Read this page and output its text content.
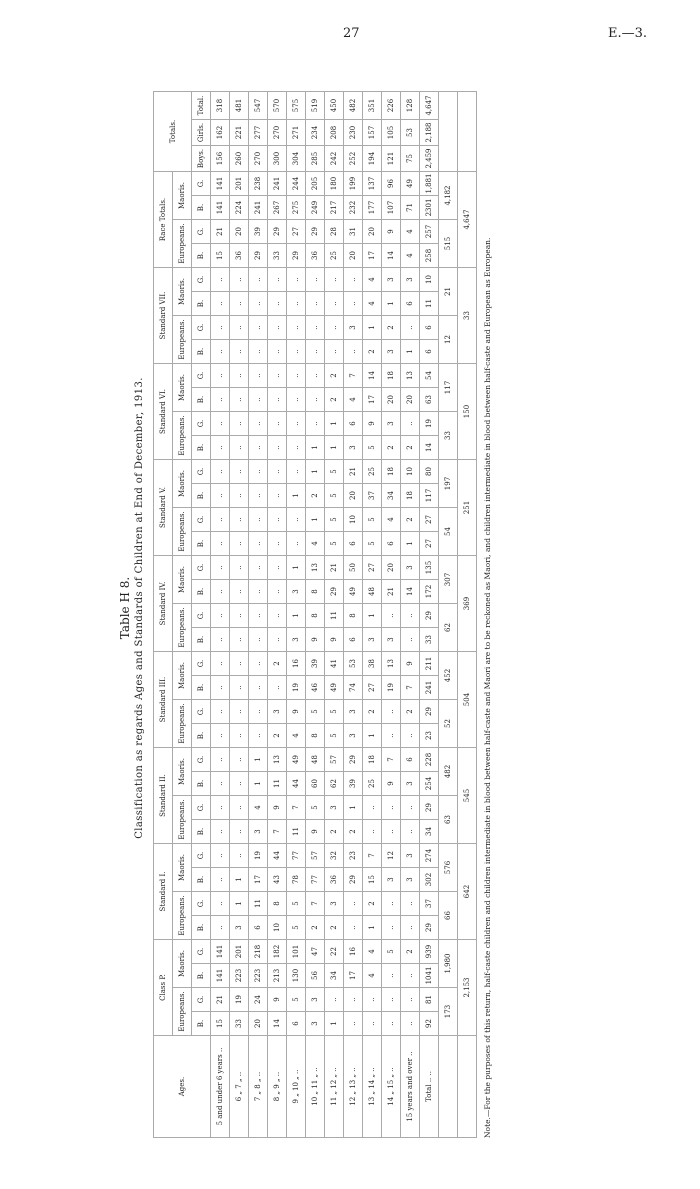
27	E.—3.
Table H 8. Classification as regards Ages and Standards of Children at End of December, 1913.
Ages.	Class P.				Standard I.				Standard II.				Standard III.				Standard IV.				Standard V.				Standard VI.				Standard VII.				Race Totals.				Totals.		
	Europeans.		Maoris.		Europeans.		Maoris.		Europeans.		Maoris.		Europeans.		Maoris.		Europeans.		Maoris.		Europeans.		Maoris.		Europeans.		Maoris.		Europeans.		Maoris.		Europeans.		Maoris.				
	B.	G.	B.	G.	B.	G.	B.	G.	B.	G.	B.	G.	B.	G.	B.	G.	B.	G.	B.	G.	B.	G.	B.	G.	B.	G.	B.	G.	B.	G.	B.	G.	B.	G.	B.	G.	Boys.	Girls.	Total.
5 and under 6 years ..	15	21	141	141	..	..	..	..	..	..	..	..	..	..	..	..	..	..	..	..	..	..	..	..	..	..	..	..	..	..	..	..	15	21	141	141	156	162	318
6 „ 7 „ ..	33	19	223	201	3	1	1	..	..	..	..	..	..	..	..	..	..	..	..	..	..	..	..	..	..	..	..	..	..	..	..	..	36	20	224	201	260	221	481
7 „ 8 „ ..	20	24	223	218	6	11	17	19	3	4	1	1	..	..	..	..	..	..	..	..	..	..	..	..	..	..	..	..	..	..	..	..	29	39	241	238	270	277	547
8 „ 9 „ ..	14	9	213	182	10	8	43	44	7	9	11	13	2	3	..	2	..	..	..	..	..	..	..	..	..	..	..	..	..	..	..	..	33	29	267	241	300	270	570
9 „ 10 „ ..	6	5	130	101	5	5	78	77	11	7	44	49	4	9	19	16	3	1	3	1	..	..	1	..	..	..	..	..	..	..	..	..	29	27	275	244	304	271	575
10 „ 11 „ ..	3	3	56	47	2	7	77	57	9	5	60	48	8	5	46	39	9	8	8	13	4	1	2	1	1	..	..	..	..	..	..	..	36	29	249	205	285	234	519
11 „ 12 „ ..	1	..	34	22	2	3	36	32	2	3	62	57	5	5	49	41	9	11	29	21	5	5	5	5	1	1	2	2	..	..	..	..	25	28	217	180	242	208	450
12 „ 13 „ ..	..	..	17	16	..	..	29	23	2	1	39	29	3	3	74	53	6	8	49	50	6	10	20	21	3	6	4	7	..	3	..	..	20	31	232	199	252	230	482
13 „ 14 „ ..	..	..	4	4	1	2	15	7	..	..	25	18	1	2	27	38	3	1	48	27	5	5	37	25	5	9	17	14	2	1	4	4	17	20	177	137	194	157	351
14 „ 15 „ ..	..	..	..	5	..	..	3	12	..	..	9	7	..	..	19	13	3	..	21	20	6	4	34	18	2	3	20	18	3	2	1	3	14	9	107	96	121	105	226
15 years and over ..	..	..	..	2	..	..	3	3	..	..	3	6	..	2	7	9	..	..	14	3	1	2	18	10	2	..	20	13	1	..	6	3	4	4	71	49	75	53	128
Total .. ..	92	81	1041	939	29	37	302	274	34	29	254	228	23	29	241	211	33	29	172	135	27	27	117	80	14	19	63	54	6	6	11	10	258	257	2301	1,881	2,459	2,188	4,647
	173		1,980		66		576		63		482		52		452		62		307		54		197		33		117		12		21		515		4,182				
	2,153				642				545				504				369				251				150				33				4,647						
Note.—For the purposes of this return, half-caste children and children intermediate in blood between half-caste and Maori are to be reckoned as Maori, and children intermediate in blood between half-caste and European as European.
